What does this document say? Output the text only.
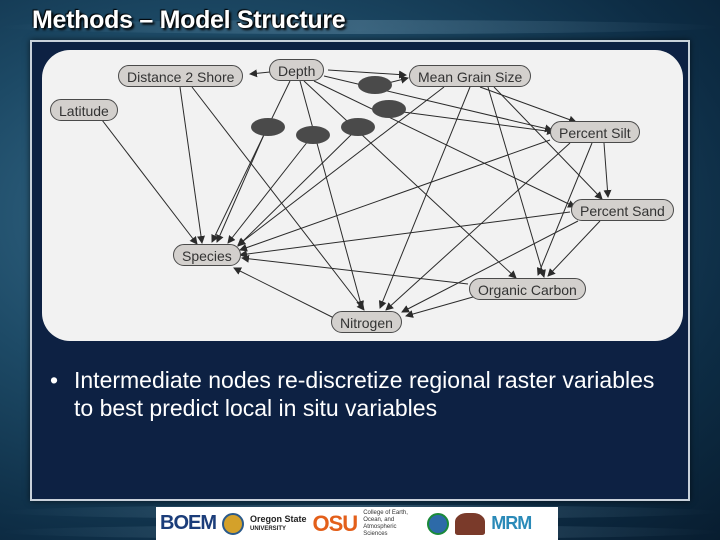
Methods – Model Structure
Distance 2 Shore	Depth	Mean Grain Size
Latitude
Percent Silt
Percent Sand
Species
Organic Carbon
Nitrogen
• Intermediate nodes re-discretize regional raster variables to best predict local in situ variables
BOEM	Oregon State
UNIVERSITY	OSU College of Earth, Ocean, and Atmospheric Sciences
MRM
